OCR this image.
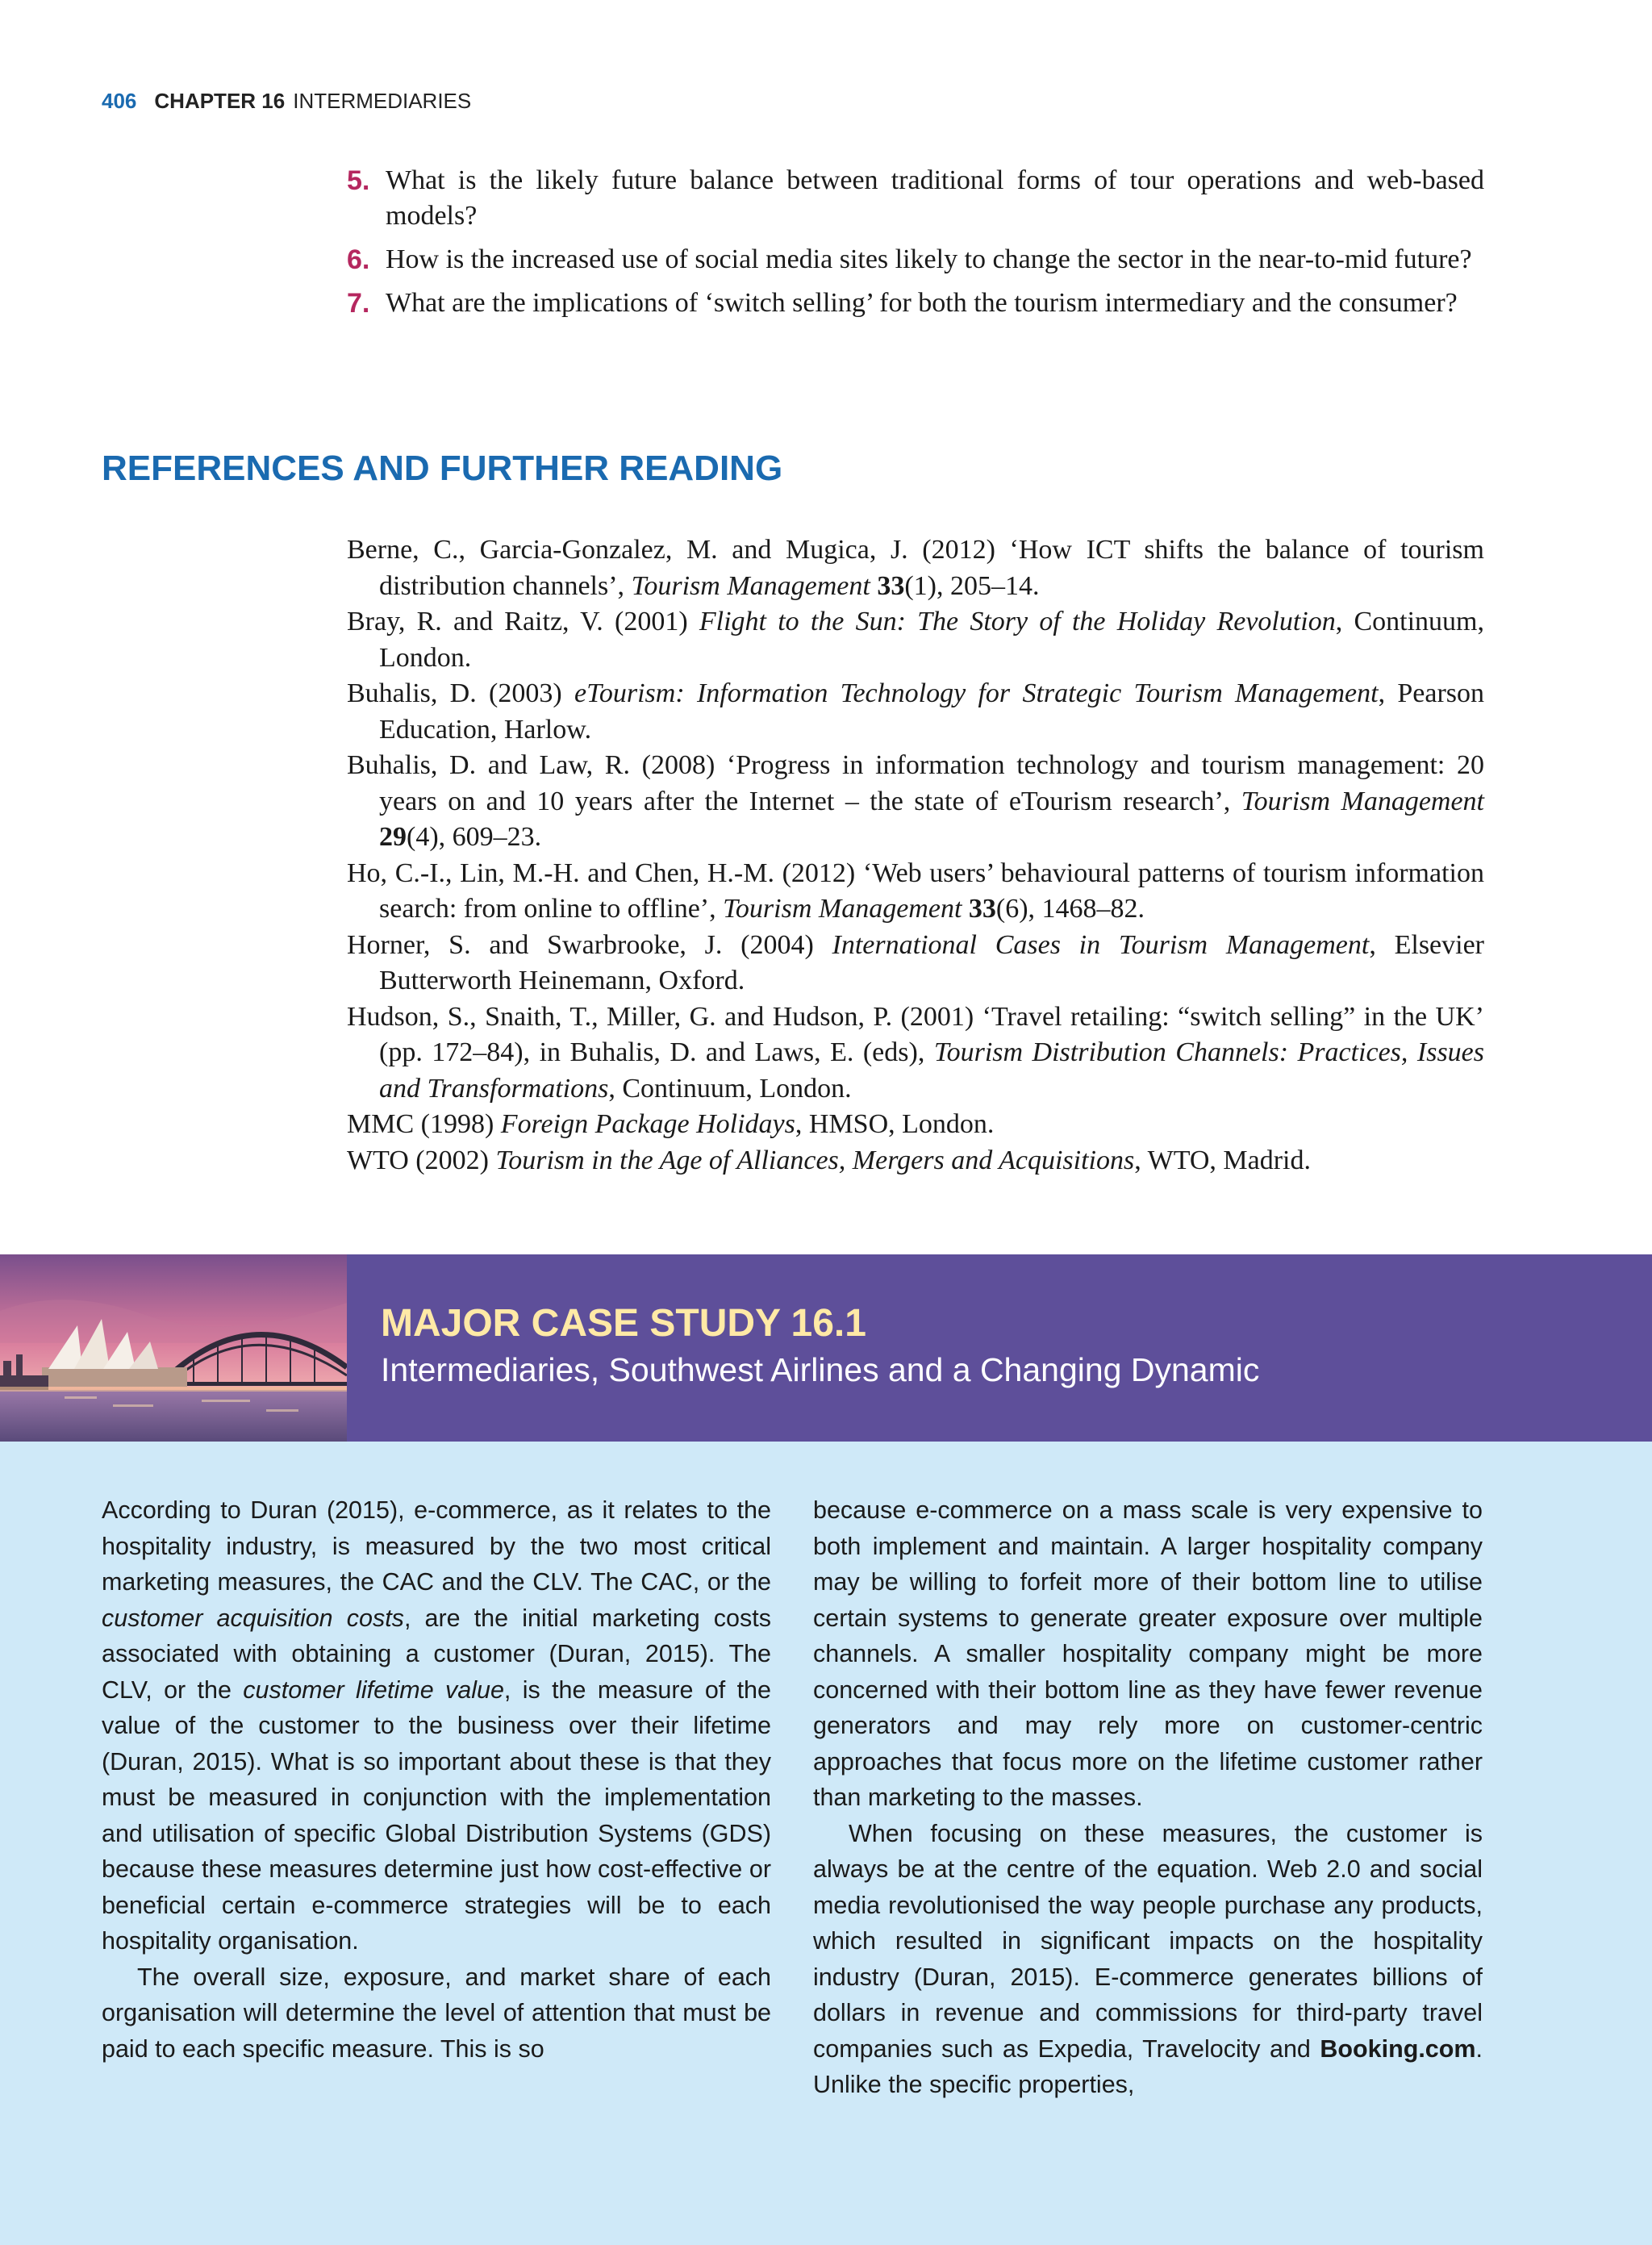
406 CHAPTER 16 INTERMEDIARIES
5. What is the likely future balance between traditional forms of tour operations and web-based models?
6. How is the increased use of social media sites likely to change the sector in the near-to-mid future?
7. What are the implications of ‘switch selling’ for both the tourism intermediary and the consumer?
REFERENCES AND FURTHER READING
Berne, C., Garcia-Gonzalez, M. and Mugica, J. (2012) ‘How ICT shifts the balance of tourism distribution channels’, Tourism Management 33(1), 205–14.
Bray, R. and Raitz, V. (2001) Flight to the Sun: The Story of the Holiday Revolution, Continuum, London.
Buhalis, D. (2003) eTourism: Information Technology for Strategic Tourism Management, Pearson Education, Harlow.
Buhalis, D. and Law, R. (2008) ‘Progress in information technology and tourism management: 20 years on and 10 years after the Internet – the state of eTourism research’, Tourism Management 29(4), 609–23.
Ho, C.-I., Lin, M.-H. and Chen, H.-M. (2012) ‘Web users’ behavioural patterns of tourism information search: from online to offline’, Tourism Management 33(6), 1468–82.
Horner, S. and Swarbrooke, J. (2004) International Cases in Tourism Management, Elsevier Butterworth Heinemann, Oxford.
Hudson, S., Snaith, T., Miller, G. and Hudson, P. (2001) ‘Travel retailing: “switch selling” in the UK’ (pp. 172–84), in Buhalis, D. and Laws, E. (eds), Tourism Distribution Channels: Practices, Issues and Transformations, Continuum, London.
MMC (1998) Foreign Package Holidays, HMSO, London.
WTO (2002) Tourism in the Age of Alliances, Mergers and Acquisitions, WTO, Madrid.
MAJOR CASE STUDY 16.1
Intermediaries, Southwest Airlines and a Changing Dynamic

According to Duran (2015), e-commerce, as it relates to the hospitality industry, is measured by the two most critical marketing measures, the CAC and the CLV. The CAC, or the customer acquisition costs, are the initial marketing costs associated with obtaining a customer (Duran, 2015). The CLV, or the customer lifetime value, is the measure of the value of the customer to the business over their lifetime (Duran, 2015). What is so important about these is that they must be measured in conjunction with the implementation and utilisation of specific Global Distribution Systems (GDS) because these measures determine just how cost-effective or beneficial certain e-commerce strategies will be to each hospitality organisation.

The overall size, exposure, and market share of each organisation will determine the level of attention that must be paid to each specific measure. This is so

because e-commerce on a mass scale is very expensive to both implement and maintain. A larger hospitality company may be willing to forfeit more of their bottom line to utilise certain systems to generate greater exposure over multiple channels. A smaller hospitality company might be more concerned with their bottom line as they have fewer revenue generators and may rely more on customer-centric approaches that focus more on the lifetime customer rather than marketing to the masses.

When focusing on these measures, the customer is always be at the centre of the equation. Web 2.0 and social media revolutionised the way people purchase any products, which resulted in significant impacts on the hospitality industry (Duran, 2015). E-commerce generates billions of dollars in revenue and commissions for third-party travel companies such as Expedia, Travelocity and Booking.com. Unlike the specific properties,
